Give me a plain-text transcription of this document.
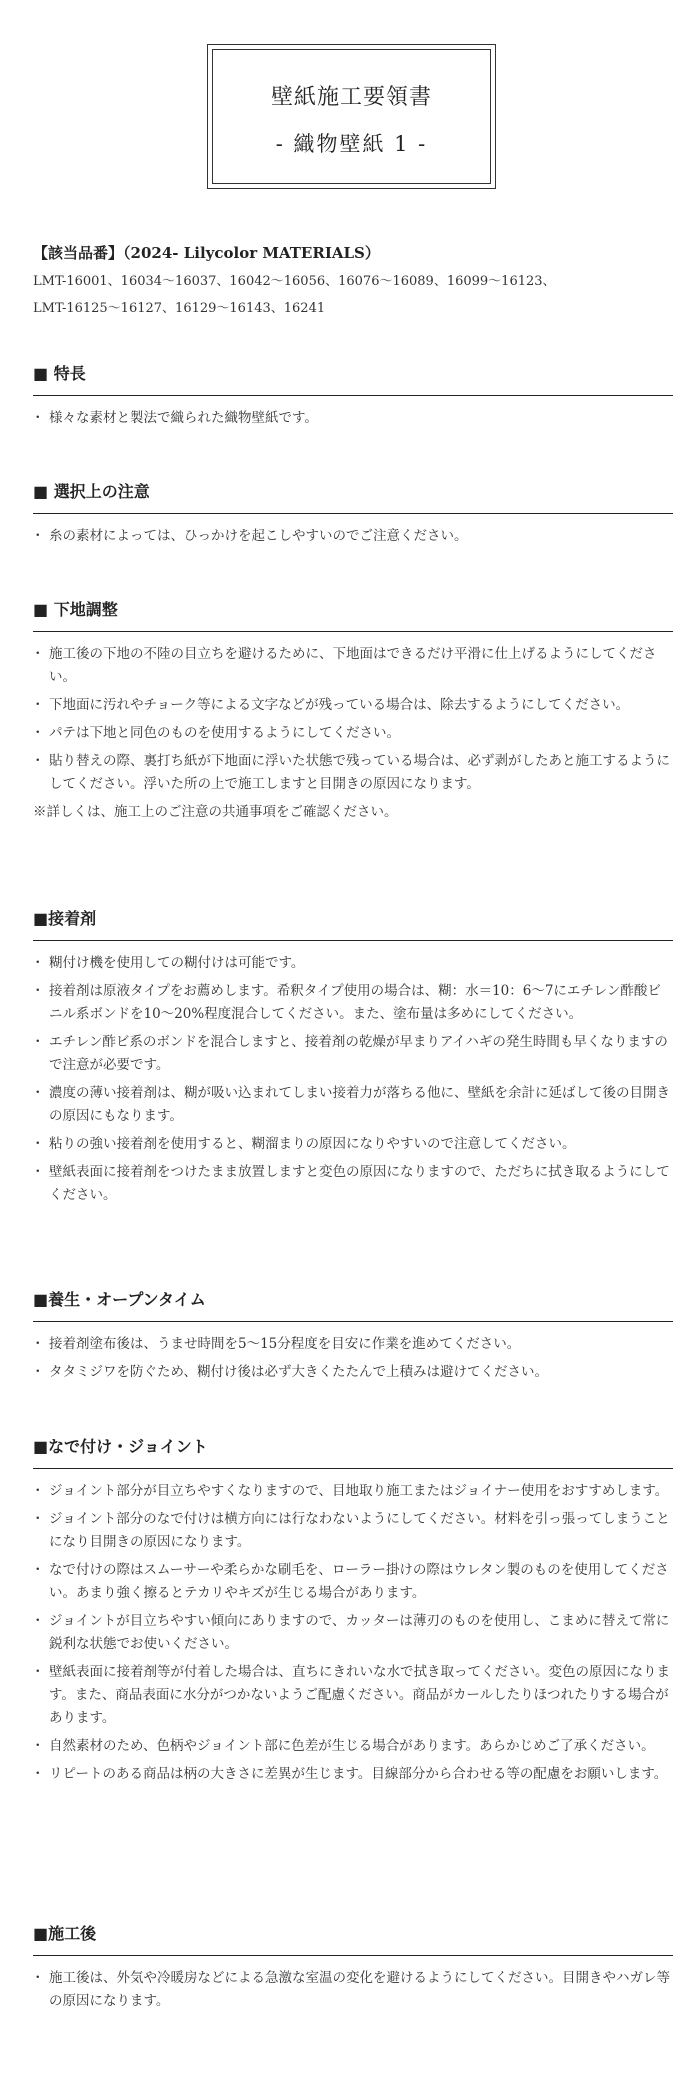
壁紙施工要領書
- 織物壁紙 1 -
【該当品番】（2024- Lilycolor MATERIALS）
LMT-16001、16034〜16037、16042〜16056、16076〜16089、16099〜16123、
LMT-16125〜16127、16129〜16143、16241
■ 特長
・ 様々な素材と製法で織られた織物壁紙です。
■ 選択上の注意
・ 糸の素材によっては、ひっかけを起こしやすいのでご注意ください。
■ 下地調整
・ 施工後の下地の不陸の目立ちを避けるために、下地面はできるだけ平滑に仕上げるようにしてください。
・ 下地面に汚れやチョーク等による文字などが残っている場合は、除去するようにしてください。
・ パテは下地と同色のものを使用するようにしてください。
・ 貼り替えの際、裏打ち紙が下地面に浮いた状態で残っている場合は、必ず剥がしたあと施工するようにしてください。浮いた所の上で施工しますと目開きの原因になります。
※詳しくは、施工上のご注意の共通事項をご確認ください。
■接着剤
・ 糊付け機を使用しての糊付けは可能です。
・ 接着剤は原液タイプをお薦めします。希釈タイプ使用の場合は、糊：水＝10：6〜7にエチレン酢酸ビニル系ボンドを10〜20%程度混合してください。また、塗布量は多めにしてください。
・ エチレン酢ビ系のボンドを混合しますと、接着剤の乾燥が早まりアイハギの発生時間も早くなりますので注意が必要です。
・ 濃度の薄い接着剤は、糊が吸い込まれてしまい接着力が落ちる他に、壁紙を余計に延ばして後の目開きの原因にもなります。
・ 粘りの強い接着剤を使用すると、糊溜まりの原因になりやすいので注意してください。
・ 壁紙表面に接着剤をつけたまま放置しますと変色の原因になりますので、ただちに拭き取るようにしてください。
■養生・オープンタイム
・ 接着剤塗布後は、うませ時間を5〜15分程度を目安に作業を進めてください。
・ タタミジワを防ぐため、糊付け後は必ず大きくたたんで上積みは避けてください。
■なで付け・ジョイント
・ ジョイント部分が目立ちやすくなりますので、目地取り施工またはジョイナー使用をおすすめします。
・ ジョイント部分のなで付けは横方向には行なわないようにしてください。材料を引っ張ってしまうことになり目開きの原因になります。
・ なで付けの際はスムーサーや柔らかな刷毛を、ローラー掛けの際はウレタン製のものを使用してください。あまり強く擦るとテカリやキズが生じる場合があります。
・ ジョイントが目立ちやすい傾向にありますので、カッターは薄刃のものを使用し、こまめに替えて常に鋭利な状態でお使いください。
・ 壁紙表面に接着剤等が付着した場合は、直ちにきれいな水で拭き取ってください。変色の原因になります。また、商品表面に水分がつかないようご配慮ください。商品がカールしたりほつれたりする場合があります。
・ 自然素材のため、色柄やジョイント部に色差が生じる場合があります。あらかじめご了承ください。
・ リピートのある商品は柄の大きさに差異が生じます。目線部分から合わせる等の配慮をお願いします。
■施工後
・ 施工後は、外気や冷暖房などによる急激な室温の変化を避けるようにしてください。目開きやハガレ等の原因になります。
